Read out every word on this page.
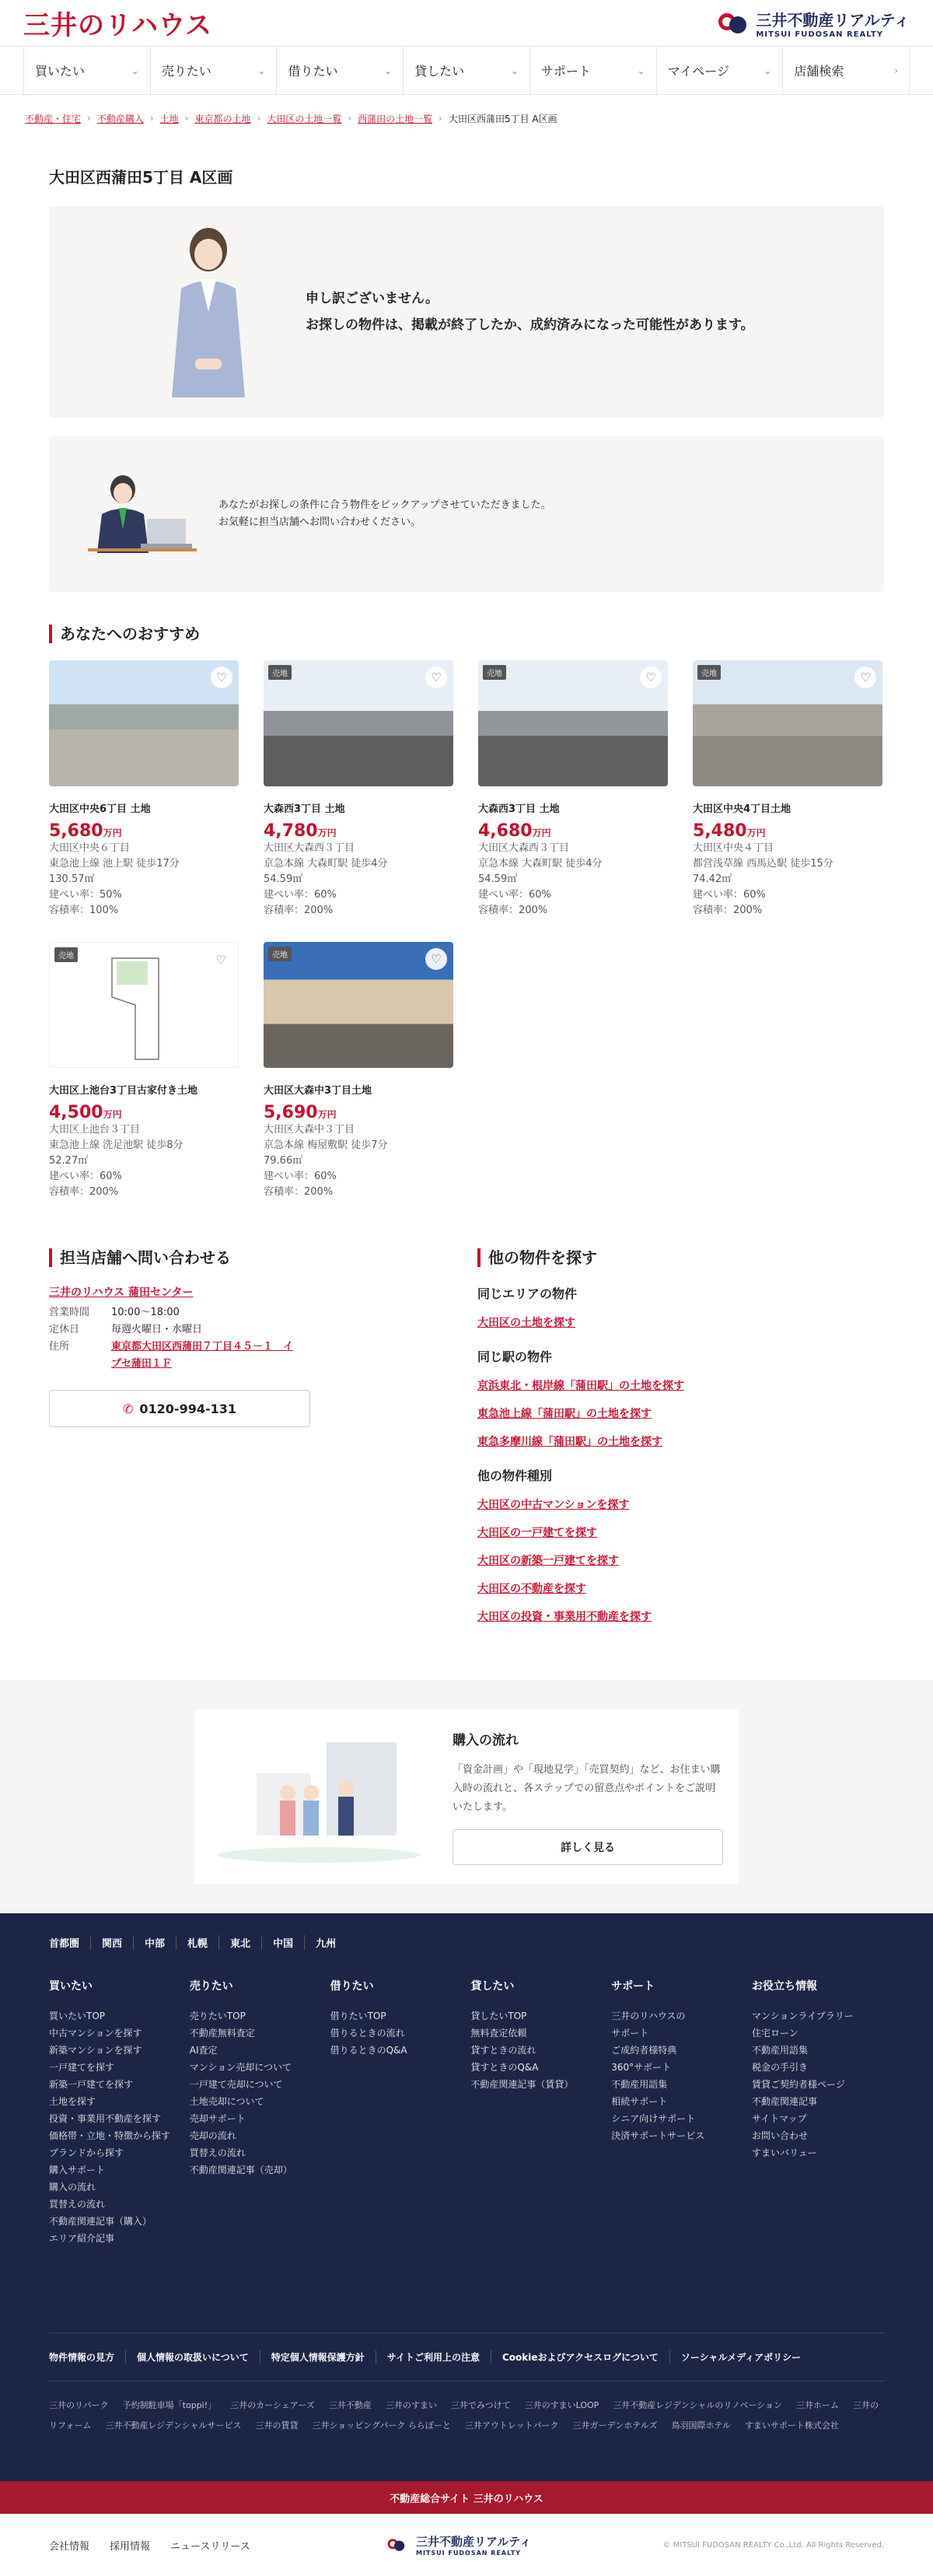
三井のリハウス	三井不動産リアルティ
MITSUI FUDOSAN REALTY
買いたい	⌄ 売りたい	⌄ 借りたい	⌄ 貸したい	⌄ サポート	⌄ マイページ	⌄ 店舗検索	›
不動産・住宅 › 不動産購入 › 土地 › 東京都の土地 › 大田区の土地一覧 › 西蒲田の土地一覧 › 大田区西蒲田5丁目 A区画
大田区西蒲田5丁目 A区画

申し訳ございません。

お探しの物件は、掲載が終了したか、成約済みになった可能性があります。

あなたがお探しの条件に合う物件をピックアップさせていただきました。

お気軽に担当店舗へお問い合わせください。

あなたへのおすすめ
♡
大田区中央6丁目 土地
5,680万円
大田区中央６丁目
東急池上線 池上駅 徒歩17分
130.57㎡
建ぺい率：50%
容積率：100%
売地	♡
大森西3丁目 土地
4,780万円
大田区大森西３丁目
京急本線 大森町駅 徒歩4分
54.59㎡
建ぺい率：60%
容積率：200%
売地	♡
大森西3丁目 土地
4,680万円
大田区大森西３丁目
京急本線 大森町駅 徒歩4分
54.59㎡
建ぺい率：60%
容積率：200%
売地	♡
大田区中央4丁目土地
5,480万円
大田区中央４丁目
都営浅草線 西馬込駅 徒歩15分
74.42㎡
建ぺい率：60%
容積率：200%
売地	♡
大田区上池台3丁目古家付き土地
4,500万円
大田区上池台３丁目
東急池上線 洗足池駅 徒歩8分
52.27㎡
建ぺい率：60%
容積率：200%
売地	♡
大田区大森中3丁目土地
5,690万円
大田区大森中３丁目
京急本線 梅屋敷駅 徒歩7分
79.66㎡
建ぺい率：60%
容積率：200%
担当店舗へ問い合わせる
三井のリハウス 蒲田センター
営業時間	10:00〜18:00
定休日	毎週火曜日・水曜日
住所	東京都大田区西蒲田７丁目４５－１　イ
プセ蒲田１Ｆ
✆ 0120-994-131
他の物件を探す
同じエリアの物件
大田区の土地を探す
同じ駅の物件
京浜東北・根岸線「蒲田駅」の土地を探す
東急池上線「蒲田駅」の土地を探す
東急多摩川線「蒲田駅」の土地を探す
他の物件種別
大田区の中古マンションを探す
大田区の一戸建てを探す
大田区の新築一戸建てを探す
大田区の不動産を探す
大田区の投資・事業用不動産を探す
購入の流れ

「資金計画」や「現地見学」「売買契約」など、お住まい購入時の流れと、各ステップでの留意点やポイントをご説明いたします。

詳しく見る
首都圏	関西	中部	札幌	東北	中国	九州
買いたい
買いたいTOP
中古マンションを探す
新築マンションを探す
一戸建てを探す
新築一戸建てを探す
土地を探す
投資・事業用不動産を探す
価格帯・立地・特徴から探す
ブランドから探す
購入サポート
購入の流れ
買替えの流れ
不動産関連記事（購入）
エリア紹介記事
売りたい
売りたいTOP
不動産無料査定
AI査定
マンション売却について
一戸建て売却について
土地売却について
売却サポート
売却の流れ
買替えの流れ
不動産関連記事（売却）
借りたい
借りたいTOP
借りるときの流れ
借りるときのQ&A
貸したい
貸したいTOP
無料査定依頼
貸すときの流れ
貸すときのQ&A
不動産関連記事（賃貸）
サポート
三井のリハウスの
サポート
ご成約者様特典
360°サポート
不動産用語集
相続サポート
シニア向けサポート
決済サポートサービス
お役立ち情報
マンションライブラリー
住宅ローン
不動産用語集
税金の手引き
賃貸ご契約者様ページ
不動産関連記事
サイトマップ
お問い合わせ
すまいバリュー
物件情報の見方	個人情報の取扱いについて	特定個人情報保護方針	サイトご利用上の注意	Cookieおよびアクセスログについて	ソーシャルメディアポリシー
三井のリパーク 予約制駐車場「toppi!」 三井のカーシェアーズ 三井不動産 三井のすまい 三井でみつけて 三井のすまいLOOP 三井不動産レジデンシャルのリノベーション 三井ホーム 三井のリフォーム 三井不動産レジデンシャルサービス 三井の賃貸 三井ショッピングパーク ららぽーと 三井アウトレットパーク 三井ガーデンホテルズ 鳥羽国際ホテル すまいサポート株式会社
不動産総合サイト 三井のリハウス
会社情報 採用情報 ニュースリリース	三井不動産リアルティ
MITSUI FUDOSAN REALTY
© MITSUI FUDOSAN REALTY Co.,Ltd. All Rights Reserved.
